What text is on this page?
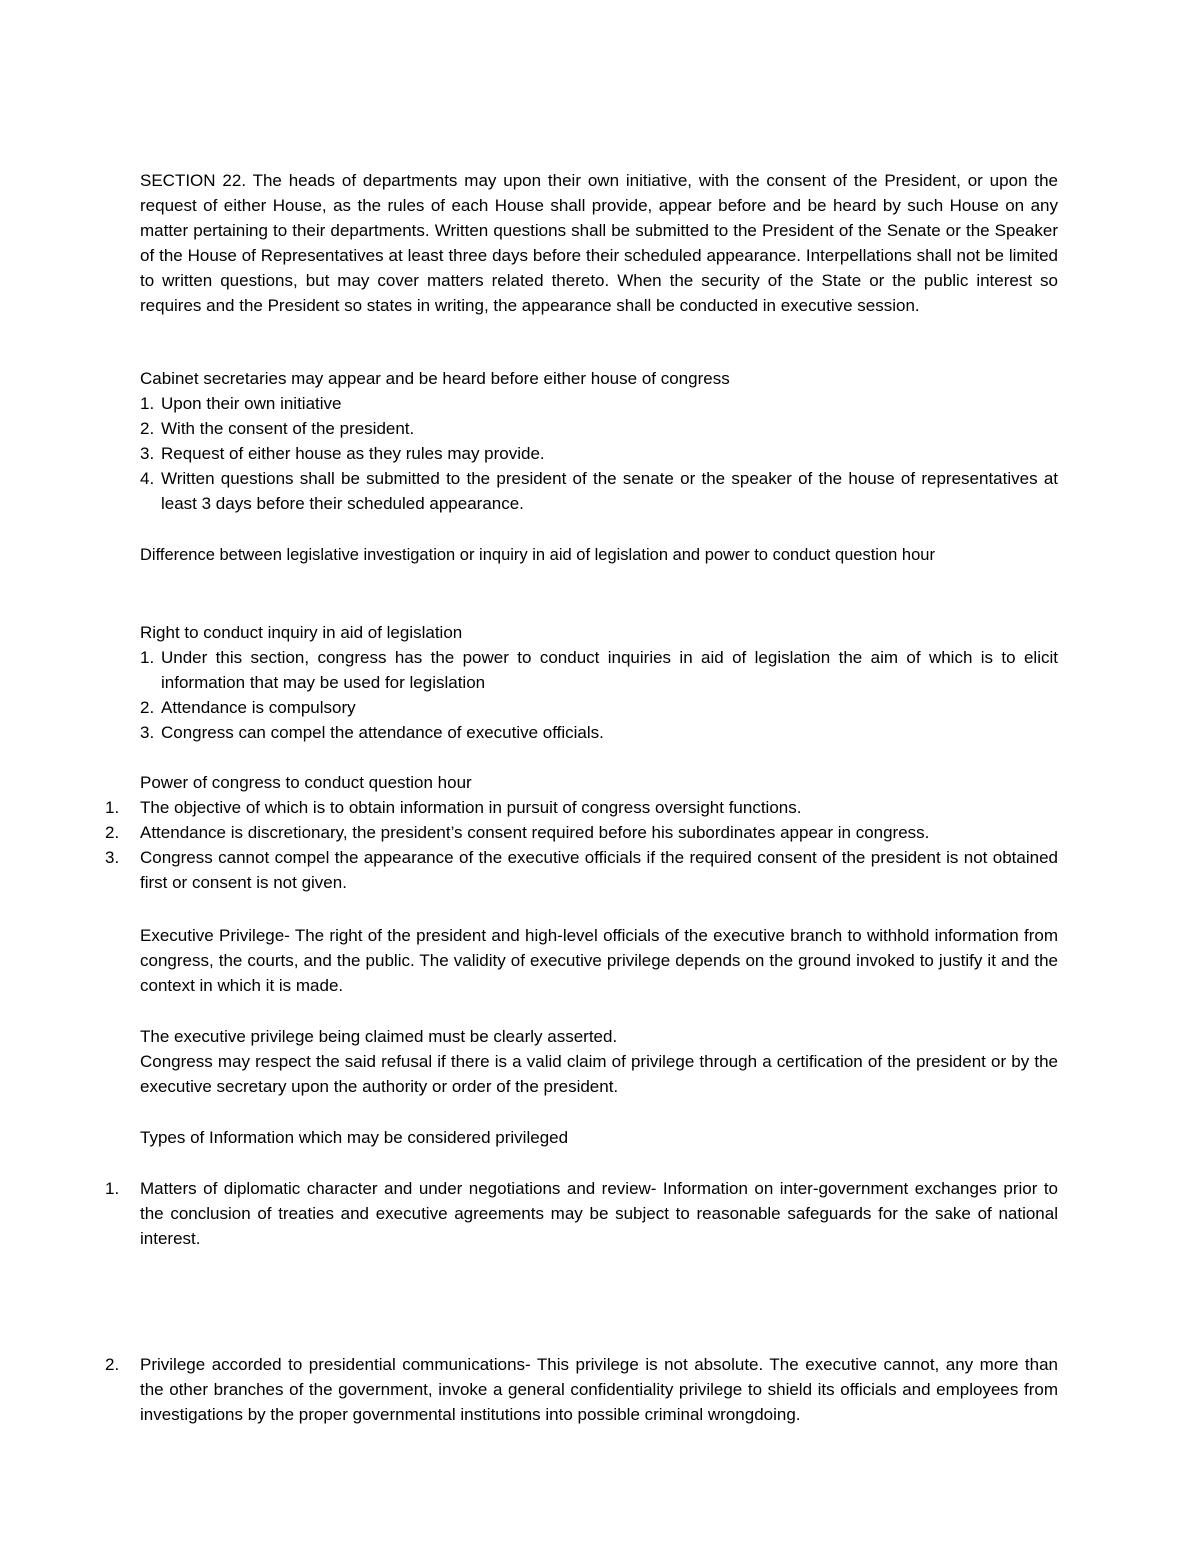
SECTION 22. The heads of departments may upon their own initiative, with the consent of the President, or upon the request of either House, as the rules of each House shall provide, appear before and be heard by such House on any matter pertaining to their departments. Written questions shall be submitted to the President of the Senate or the Speaker of the House of Representatives at least three days before their scheduled appearance. Interpellations shall not be limited to written questions, but may cover matters related thereto. When the security of the State or the public interest so requires and the President so states in writing, the appearance shall be conducted in executive session.

Cabinet secretaries may appear and be heard before either house of congress

1. Upon their own initiative
2. With the consent of the president.
3. Request of either house as they rules may provide.
4. Written questions shall be submitted to the president of the senate or the speaker of the house of representatives at least 3 days before their scheduled appearance.

Difference between legislative investigation or inquiry in aid of legislation and power to conduct question hour

Right to conduct inquiry in aid of legislation

1. Under this section, congress has the power to conduct inquiries in aid of legislation the aim of which is to elicit information that may be used for legislation
2. Attendance is compulsory
3. Congress can compel the attendance of executive officials.

Power of congress to conduct question hour

1. The objective of which is to obtain information in pursuit of congress oversight functions.
2. Attendance is discretionary, the president’s consent required before his subordinates appear in congress.
3. Congress cannot compel the appearance of the executive officials if the required consent of the president is not obtained first or consent is not given.

Executive Privilege- The right of the president and high-level officials of the executive branch to withhold information from congress, the courts, and the public. The validity of executive privilege depends on the ground invoked to justify it and the context in which it is made.

The executive privilege being claimed must be clearly asserted.

Congress may respect the said refusal if there is a valid claim of privilege through a certification of the president or by the executive secretary upon the authority or order of the president.

Types of Information which may be considered privileged

1. Matters of diplomatic character and under negotiations and review- Information on inter-government exchanges prior to the conclusion of treaties and executive agreements may be subject to reasonable safeguards for the sake of national interest.
2. Privilege accorded to presidential communications- This privilege is not absolute. The executive cannot, any more than the other branches of the government, invoke a general confidentiality privilege to shield its officials and employees from investigations by the proper governmental institutions into possible criminal wrongdoing.
